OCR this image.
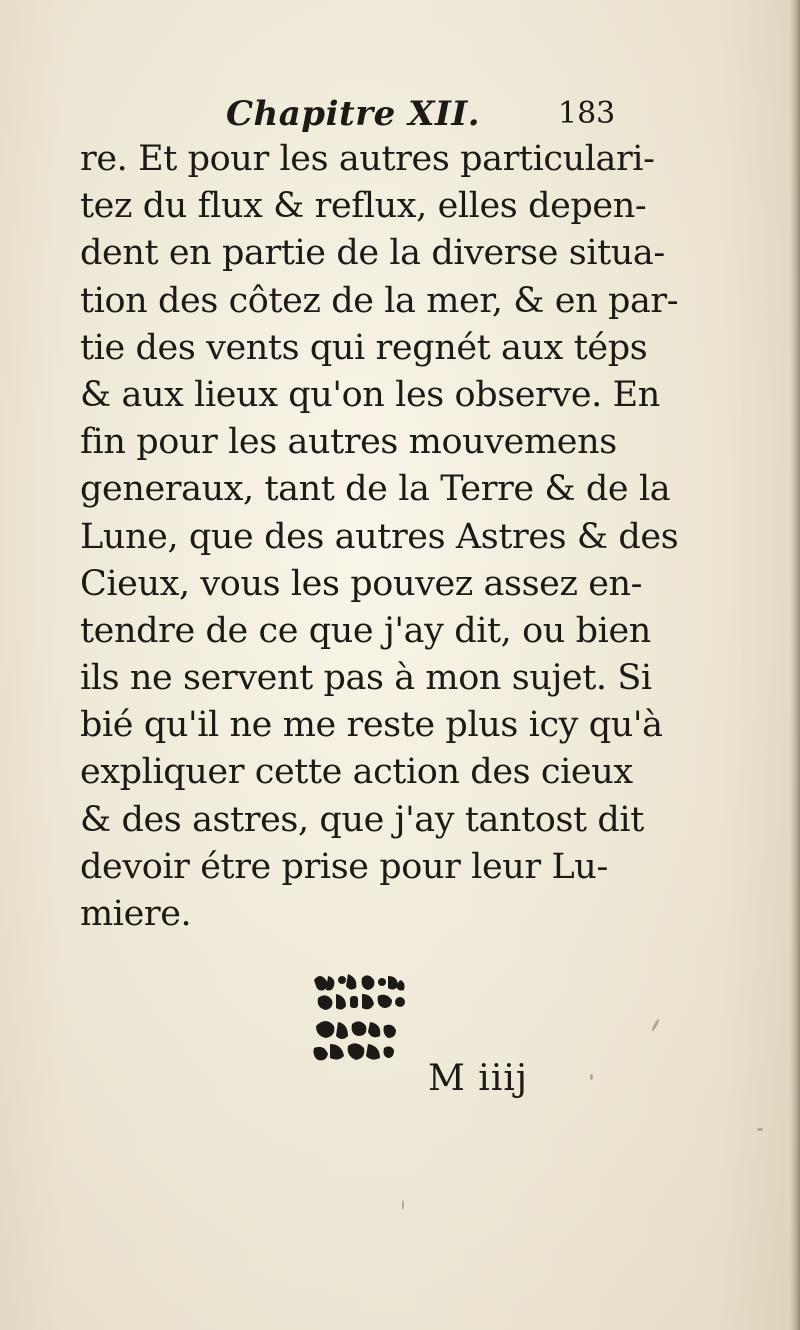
Chapitre XII.	183
re. Et pour les autres particulari-
tez du flux & reflux, elles depen-
dent en partie de la diverse situa-
tion des côtez de la mer, & en par-
tie des vents qui regnét aux téps
& aux lieux qu'on les observe. En
fin pour les autres mouvemens
generaux, tant de la Terre & de la
Lune, que des autres Astres & des
Cieux, vous les pouvez assez en-
tendre de ce que j'ay dit, ou bien
ils ne servent pas à mon sujet. Si
bié qu'il ne me reste plus icy qu'à
expliquer cette action des cieux
& des astres, que j'ay tantost dit
devoir étre prise pour leur Lu-
miere.
M iiij
